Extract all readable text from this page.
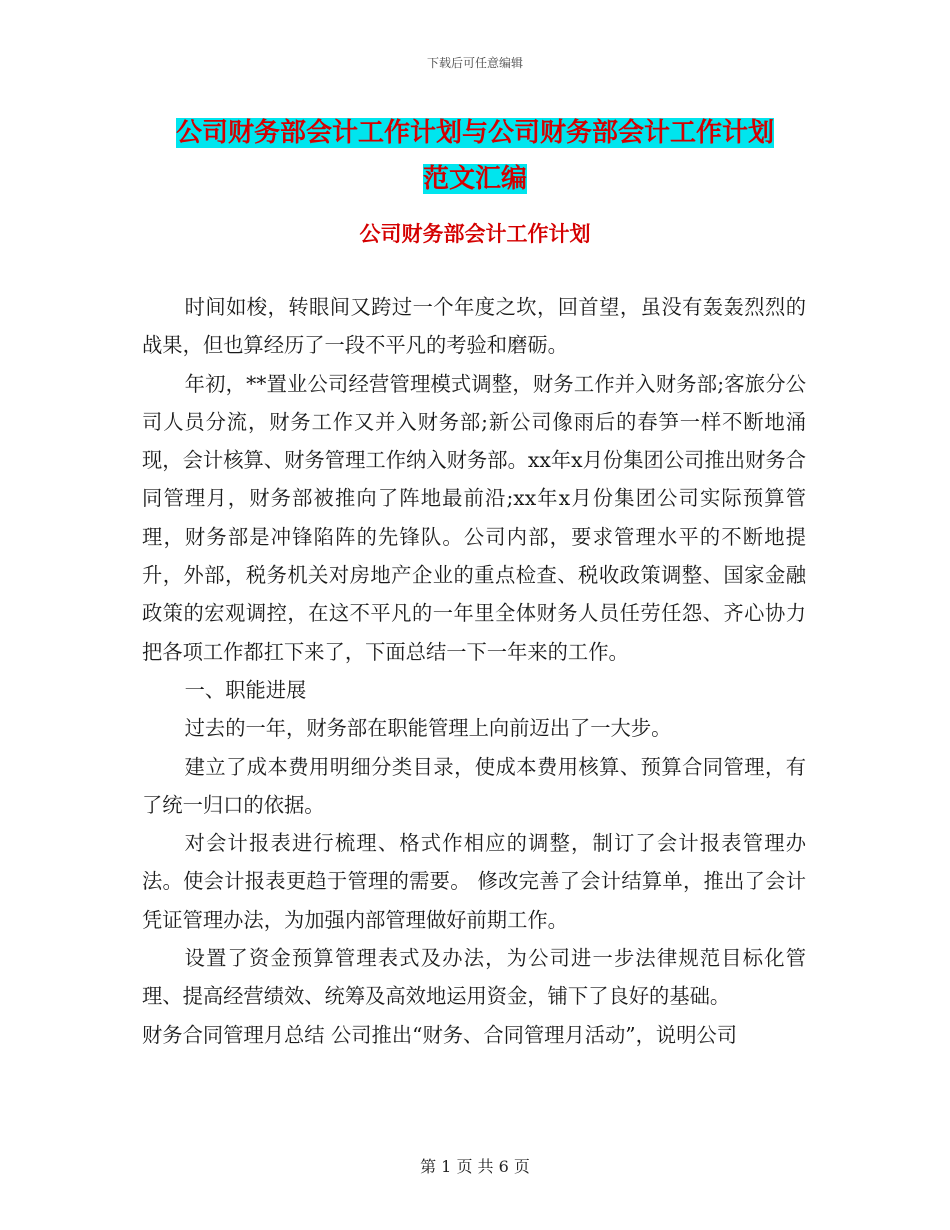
下载后可任意编辑
公司财务部会计工作计划与公司财务部会计工作计划
范文汇编
公司财务部会计工作计划

时间如梭，转眼间又跨过一个年度之坎，回首望，虽没有轰轰烈烈的战果，但也算经历了一段不平凡的考验和磨砺。

年初，**置业公司经营管理模式调整，财务工作并入财务部;客旅分公司人员分流，财务工作又并入财务部;新公司像雨后的春笋一样不断地涌现，会计核算、财务管理工作纳入财务部。xx年x月份集团公司推出财务合同管理月，财务部被推向了阵地最前沿;xx年x月份集团公司实际预算管理，财务部是冲锋陷阵的先锋队。公司内部，要求管理水平的不断地提升，外部，税务机关对房地产企业的重点检查、税收政策调整、国家金融政策的宏观调控，在这不平凡的一年里全体财务人员任劳任怨、齐心协力把各项工作都扛下来了，下面总结一下一年来的工作。

一、职能进展

过去的一年，财务部在职能管理上向前迈出了一大步。

建立了成本费用明细分类目录，使成本费用核算、预算合同管理，有了统一归口的依据。

对会计报表进行梳理、格式作相应的调整，制订了会计报表管理办法。使会计报表更趋于管理的需要。 修改完善了会计结算单，推出了会计凭证管理办法，为加强内部管理做好前期工作。

设置了资金预算管理表式及办法，为公司进一步法律规范目标化管理、提高经营绩效、统筹及高效地运用资金，铺下了良好的基础。

财务合同管理月总结 公司推出“财务、合同管理月活动”，说明公司

第 1 页 共 6 页
